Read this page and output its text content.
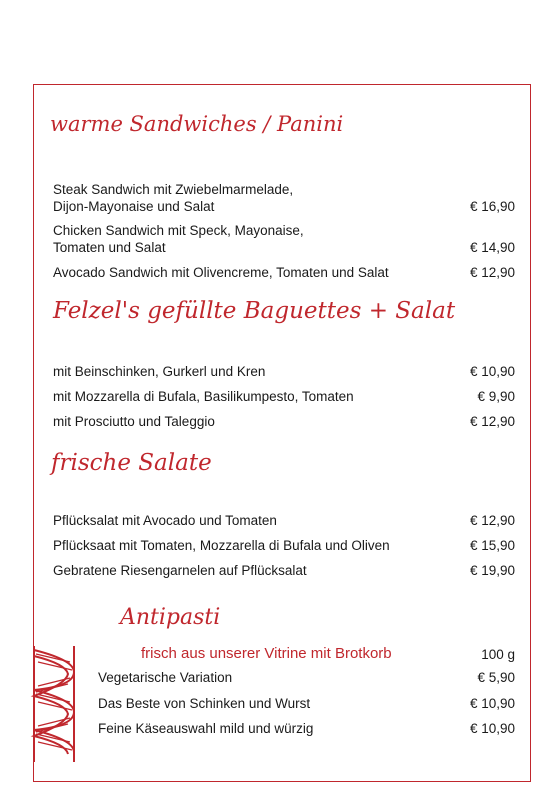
warme Sandwiches / Panini
Steak Sandwich mit Zwiebelmarmelade,
Dijon-Mayonaise und Salat	€ 16,90
Chicken Sandwich mit Speck, Mayonaise,
Tomaten und Salat	€ 14,90
Avocado Sandwich mit Olivencreme, Tomaten und Salat	€ 12,90
Felzel's gefüllte Baguettes + Salat
mit Beinschinken, Gurkerl und Kren	€ 10,90
mit Mozzarella di Bufala, Basilikumpesto, Tomaten	€ 9,90
mit Prosciutto und Taleggio	€ 12,90
frische Salate
Pflücksalat mit Avocado und Tomaten	€ 12,90
Pflücksaat mit Tomaten, Mozzarella di Bufala und Oliven	€ 15,90
Gebratene Riesengarnelen auf Pflücksalat	€ 19,90
Antipasti
frisch aus unserer Vitrine mit Brotkorb	100 g
Vegetarische Variation	€ 5,90
Das Beste von Schinken und Wurst	€ 10,90
Feine Käseauswahl mild und würzig	€ 10,90
